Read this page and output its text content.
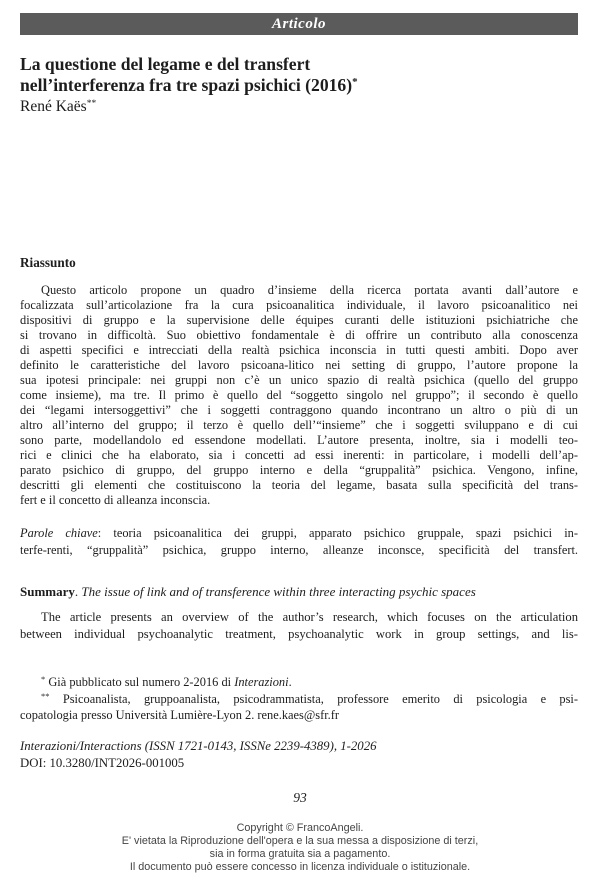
Articolo
La questione del legame e del transfert
nell’interferenza fra tre spazi psichici (2016)*
René Kaës**
Riassunto
Questo articolo propone un quadro d’insieme della ricerca portata avanti dall’autore e
focalizzata sull’articolazione fra la cura psicoanalitica individuale, il lavoro psicoanalitico nei
dispositivi di gruppo e la supervisione delle équipes curanti delle istituzioni psichiatriche che
si trovano in difficoltà. Suo obiettivo fondamentale è di offrire un contributo alla conoscenza
di aspetti specifici e intrecciati della realtà psichica inconscia in tutti questi ambiti. Dopo aver
definito le caratteristiche del lavoro psicoana-litico nei setting di gruppo, l’autore propone la
sua ipotesi principale: nei gruppi non c’è un unico spazio di realtà psichica (quello del gruppo
come insieme), ma tre. Il primo è quello del “soggetto singolo nel gruppo”; il secondo è quello
dei “legami intersoggettivi” che i soggetti contraggono quando incontrano un altro o più di un
altro all’interno del gruppo; il terzo è quello dell’“insieme” che i soggetti sviluppano e di cui
sono parte, modellandolo ed essendone modellati. L’autore presenta, inoltre, sia i modelli teo-
rici e clinici che ha elaborato, sia i concetti ad essi inerenti: in particolare, i modelli dell’ap-
parato psichico di gruppo, del gruppo interno e della “gruppalità” psichica. Vengono, infine,
descritti gli elementi che costituiscono la teoria del legame, basata sulla specificità del trans-
fert e il concetto di alleanza inconscia.
Parole chiave: teoria psicoanalitica dei gruppi, apparato psichico gruppale, spazi psichici in-
terfe-renti, “gruppalità” psichica, gruppo interno, alleanze inconsce, specificità del transfert.
Summary. The issue of link and of transference within three interacting psychic spaces
The article presents an overview of the author’s research, which focuses on the articulation
between individual psychoanalytic treatment, psychoanalytic work in group settings, and lis-
* Già pubblicato sul numero 2-2016 di Interazioni.
** Psicoanalista, gruppoanalista, psicodrammatista, professore emerito di psicologia e psi-
copatologia presso Università Lumière-Lyon 2. rene.kaes@sfr.fr
Interazioni/Interactions (ISSN 1721-0143, ISSNe 2239-4389), 1-2026
DOI: 10.3280/INT2026-001005
93
Copyright © FrancoAngeli.
E' vietata la Riproduzione dell'opera e la sua messa a disposizione di terzi,
sia in forma gratuita sia a pagamento.
Il documento può essere concesso in licenza individuale o istituzionale.
